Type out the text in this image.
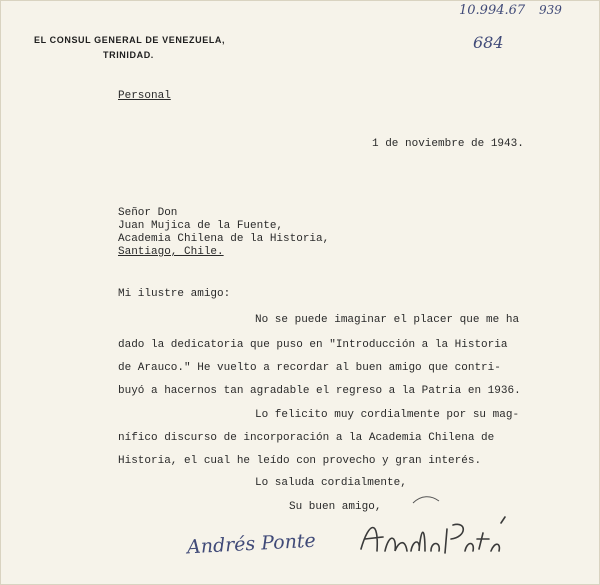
10.994.67 939
684
EL CONSUL GENERAL DE VENEZUELA,
TRINIDAD.
Personal
1 de noviembre de 1943.
Señor Don
Juan Mujica de la Fuente,
Academia Chilena de la Historia,
Santiago, Chile.
Mi ilustre amigo:
No se puede imaginar el placer que me ha
dado la dedicatoria que puso en "Introducción a la Historia
de Arauco." He vuelto a recordar al buen amigo que contri-
buyó a hacernos tan agradable el regreso a la Patria en 1936.
Lo felicito muy cordialmente por su mag-
nífico discurso de incorporación a la Academia Chilena de
Historia, el cual he leído con provecho y gran interés.
Lo saluda cordialmente,
Su buen amigo,
Andrés Ponte
